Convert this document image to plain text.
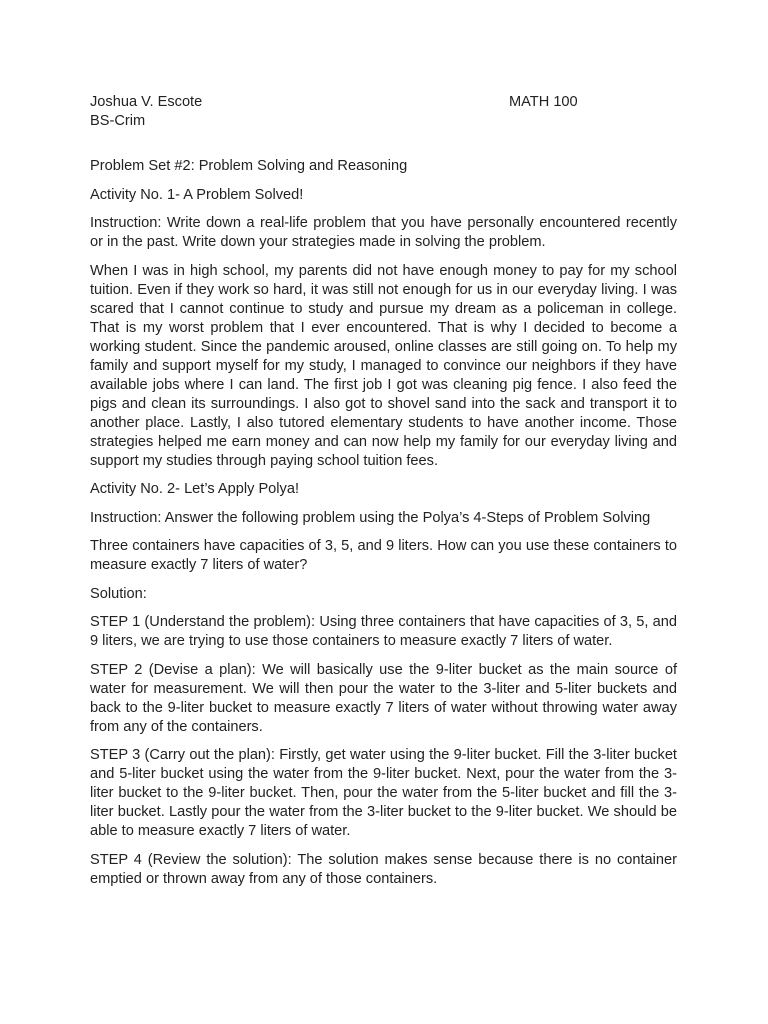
Joshua V. Escote	MATH 100

BS-Crim

Problem Set #2: Problem Solving and Reasoning

Activity No. 1- A Problem Solved!

Instruction: Write down a real-life problem that you have personally encountered recently or in the past. Write down your strategies made in solving the problem.

When I was in high school, my parents did not have enough money to pay for my school tuition. Even if they work so hard, it was still not enough for us in our everyday living. I was scared that I cannot continue to study and pursue my dream as a policeman in college. That is my worst problem that I ever encountered. That is why I decided to become a working student. Since the pandemic aroused, online classes are still going on. To help my family and support myself for my study, I managed to convince our neighbors if they have available jobs where I can land. The first job I got was cleaning pig fence. I also feed the pigs and clean its surroundings. I also got to shovel sand into the sack and transport it to another place. Lastly, I also tutored elementary students to have another income. Those strategies helped me earn money and can now help my family for our everyday living and support my studies through paying school tuition fees.

Activity No. 2- Let’s Apply Polya!

Instruction: Answer the following problem using the Polya’s 4-Steps of Problem Solving

Three containers have capacities of 3, 5, and 9 liters. How can you use these containers to measure exactly 7 liters of water?

Solution:

STEP 1 (Understand the problem): Using three containers that have capacities of 3, 5, and 9 liters, we are trying to use those containers to measure exactly 7 liters of water.

STEP 2 (Devise a plan): We will basically use the 9-liter bucket as the main source of water for measurement. We will then pour the water to the 3-liter and 5-liter buckets and back to the 9-liter bucket to measure exactly 7 liters of water without throwing water away from any of the containers.

STEP 3 (Carry out the plan): Firstly, get water using the 9-liter bucket. Fill the 3-liter bucket and 5-liter bucket using the water from the 9-liter bucket. Next, pour the water from the 3-liter bucket to the 9-liter bucket. Then, pour the water from the 5-liter bucket and fill the 3-liter bucket. Lastly pour the water from the 3-liter bucket to the 9-liter bucket. We should be able to measure exactly 7 liters of water.

STEP 4 (Review the solution): The solution makes sense because there is no container emptied or thrown away from any of those containers.
